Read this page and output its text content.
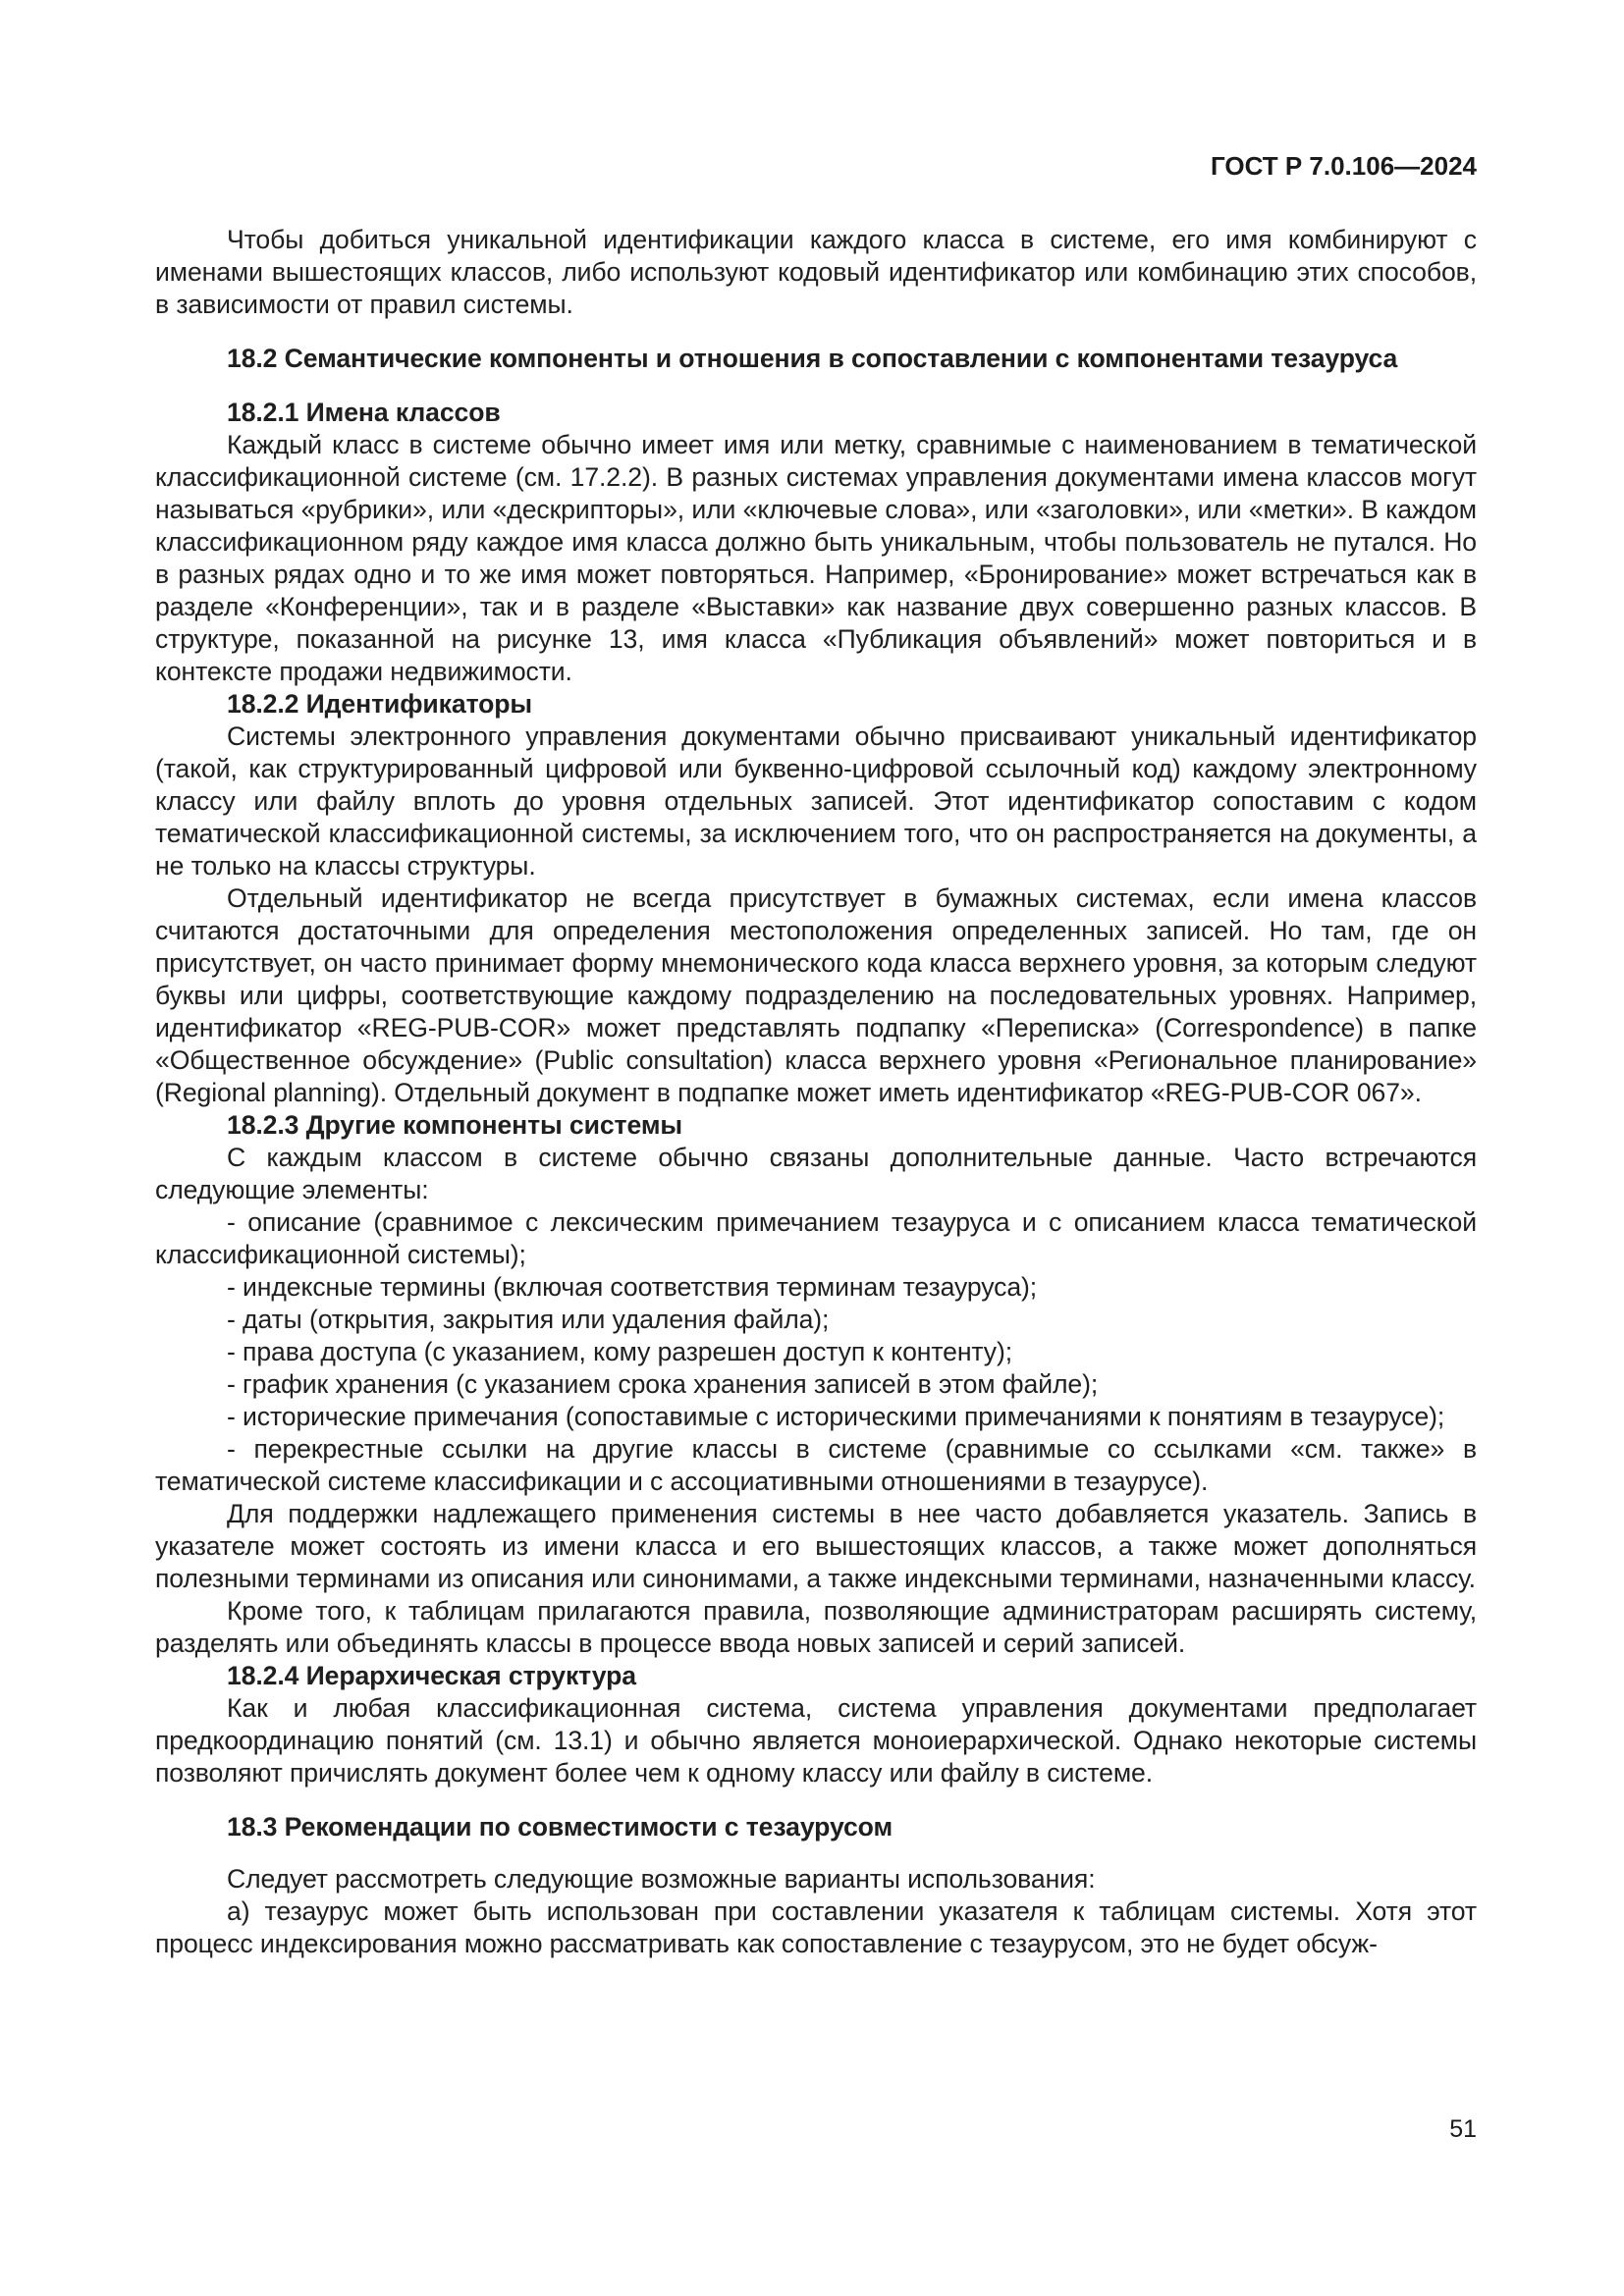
ГОСТ Р 7.0.106—2024

Чтобы добиться уникальной идентификации каждого класса в системе, его имя комбинируют с именами вышестоящих классов, либо используют кодовый идентификатор или комбинацию этих способов, в зависимости от правил системы.

18.2 Семантические компоненты и отношения в сопоставлении с компонентами тезауруса

18.2.1 Имена классов

Каждый класс в системе обычно имеет имя или метку, сравнимые с наименованием в тематической классификационной системе (см. 17.2.2). В разных системах управления документами имена классов могут называться «рубрики», или «дескрипторы», или «ключевые слова», или «заголовки», или «метки». В каждом классификационном ряду каждое имя класса должно быть уникальным, чтобы пользователь не путался. Но в разных рядах одно и то же имя может повторяться. Например, «Бронирование» может встречаться как в разделе «Конференции», так и в разделе «Выставки» как название двух совершенно разных классов. В структуре, показанной на рисунке 13, имя класса «Публикация объявлений» может повториться и в контексте продажи недвижимости.

18.2.2 Идентификаторы

Системы электронного управления документами обычно присваивают уникальный идентификатор (такой, как структурированный цифровой или буквенно-цифровой ссылочный код) каждому электронному классу или файлу вплоть до уровня отдельных записей. Этот идентификатор сопоставим с кодом тематической классификационной системы, за исключением того, что он распространяется на документы, а не только на классы структуры.

Отдельный идентификатор не всегда присутствует в бумажных системах, если имена классов считаются достаточными для определения местоположения определенных записей. Но там, где он присутствует, он часто принимает форму мнемонического кода класса верхнего уровня, за которым следуют буквы или цифры, соответствующие каждому подразделению на последовательных уровнях. Например, идентификатор «REG-PUB-COR» может представлять подпапку «Переписка» (Correspondence) в папке «Общественное обсуждение» (Public consultation) класса верхнего уровня «Региональное планирование» (Regional planning). Отдельный документ в подпапке может иметь идентификатор «REG-PUB-COR 067».

18.2.3 Другие компоненты системы

С каждым классом в системе обычно связаны дополнительные данные. Часто встречаются следующие элементы:

- описание (сравнимое с лексическим примечанием тезауруса и с описанием класса тематической классификационной системы);

- индексные термины (включая соответствия терминам тезауруса);

- даты (открытия, закрытия или удаления файла);

- права доступа (с указанием, кому разрешен доступ к контенту);

- график хранения (с указанием срока хранения записей в этом файле);

- исторические примечания (сопоставимые с историческими примечаниями к понятиям в тезаурусе);

- перекрестные ссылки на другие классы в системе (сравнимые со ссылками «см. также» в тематической системе классификации и с ассоциативными отношениями в тезаурусе).

Для поддержки надлежащего применения системы в нее часто добавляется указатель. Запись в указателе может состоять из имени класса и его вышестоящих классов, а также может дополняться полезными терминами из описания или синонимами, а также индексными терминами, назначенными классу.

Кроме того, к таблицам прилагаются правила, позволяющие администраторам расширять систему, разделять или объединять классы в процессе ввода новых записей и серий записей.

18.2.4 Иерархическая структура

Как и любая классификационная система, система управления документами предполагает предкоординацию понятий (см. 13.1) и обычно является моноиерархической. Однако некоторые системы позволяют причислять документ более чем к одному классу или файлу в системе.

18.3 Рекомендации по совместимости с тезаурусом

Следует рассмотреть следующие возможные варианты использования:

а) тезаурус может быть использован при составлении указателя к таблицам системы. Хотя этот процесс индексирования можно рассматривать как сопоставление с тезаурусом, это не будет обсуж-

51
